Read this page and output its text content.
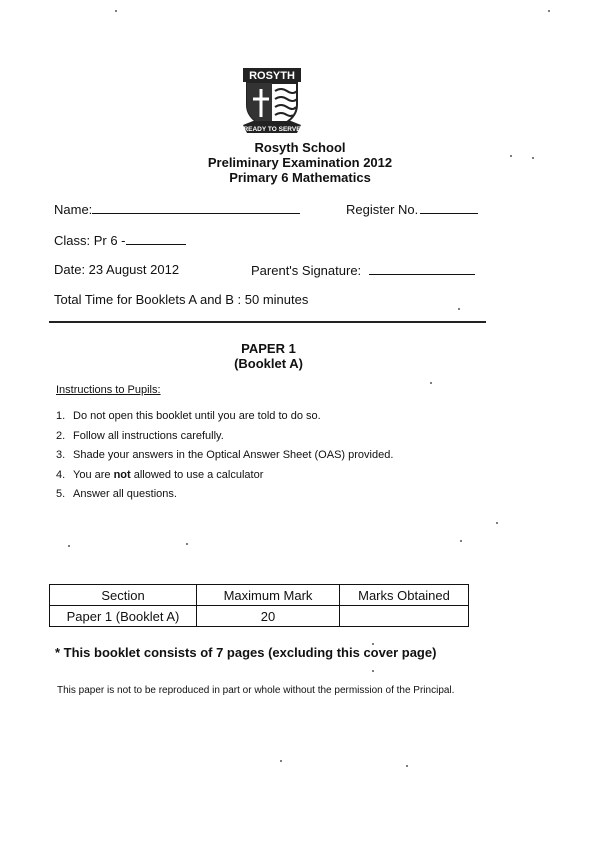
ROSYTH
READY TO SERVE
Rosyth School
Preliminary Examination 2012
Primary 6 Mathematics
Name:	Register No.
Class: Pr 6 -
Date: 23 August 2012	Parent's Signature:
Total Time for Booklets A and B : 50 minutes
PAPER 1
(Booklet A)
Instructions to Pupils:
1. Do not open this booklet until you are told to do so.
2. Follow all instructions carefully.
3. Shade your answers in the Optical Answer Sheet (OAS) provided.
4. You are not allowed to use a calculator
5. Answer all questions.
Section	Maximum Mark	Marks Obtained
Paper 1 (Booklet A)	20	
* This booklet consists of 7 pages (excluding this cover page)
This paper is not to be reproduced in part or whole without the permission of the Principal.
